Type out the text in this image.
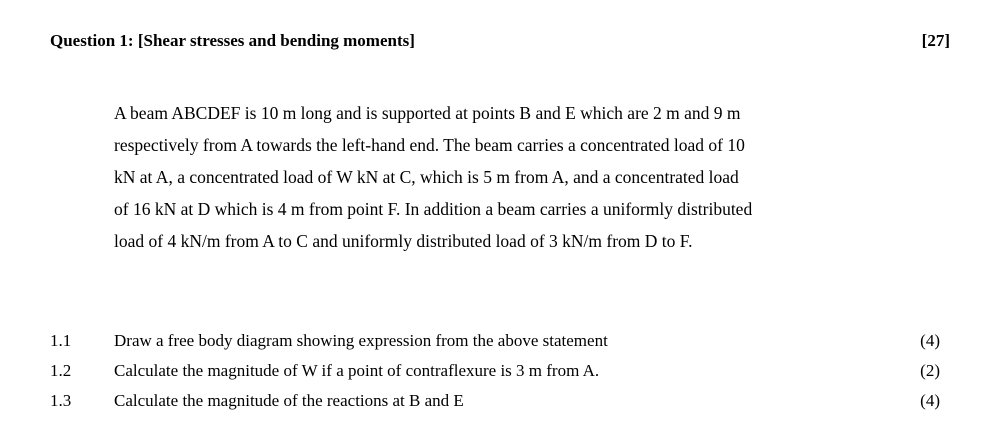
Question 1: [Shear stresses and bending moments]	[27]
A beam ABCDEF is 10 m long and is supported at points B and E which are 2 m and 9 m
respectively from A towards the left-hand end. The beam carries a concentrated load of 10
kN at A, a concentrated load of W kN at C, which is 5 m from A, and a concentrated load
of 16 kN at D which is 4 m from point F. In addition a beam carries a uniformly distributed
load of 4 kN/m from A to C and uniformly distributed load of 3 kN/m from D to F.
1.1	Draw a free body diagram showing expression from the above statement	(4)
1.2	Calculate the magnitude of W if a point of contraflexure is 3 m from A.	(2)
1.3	Calculate the magnitude of the reactions at B and E	(4)
